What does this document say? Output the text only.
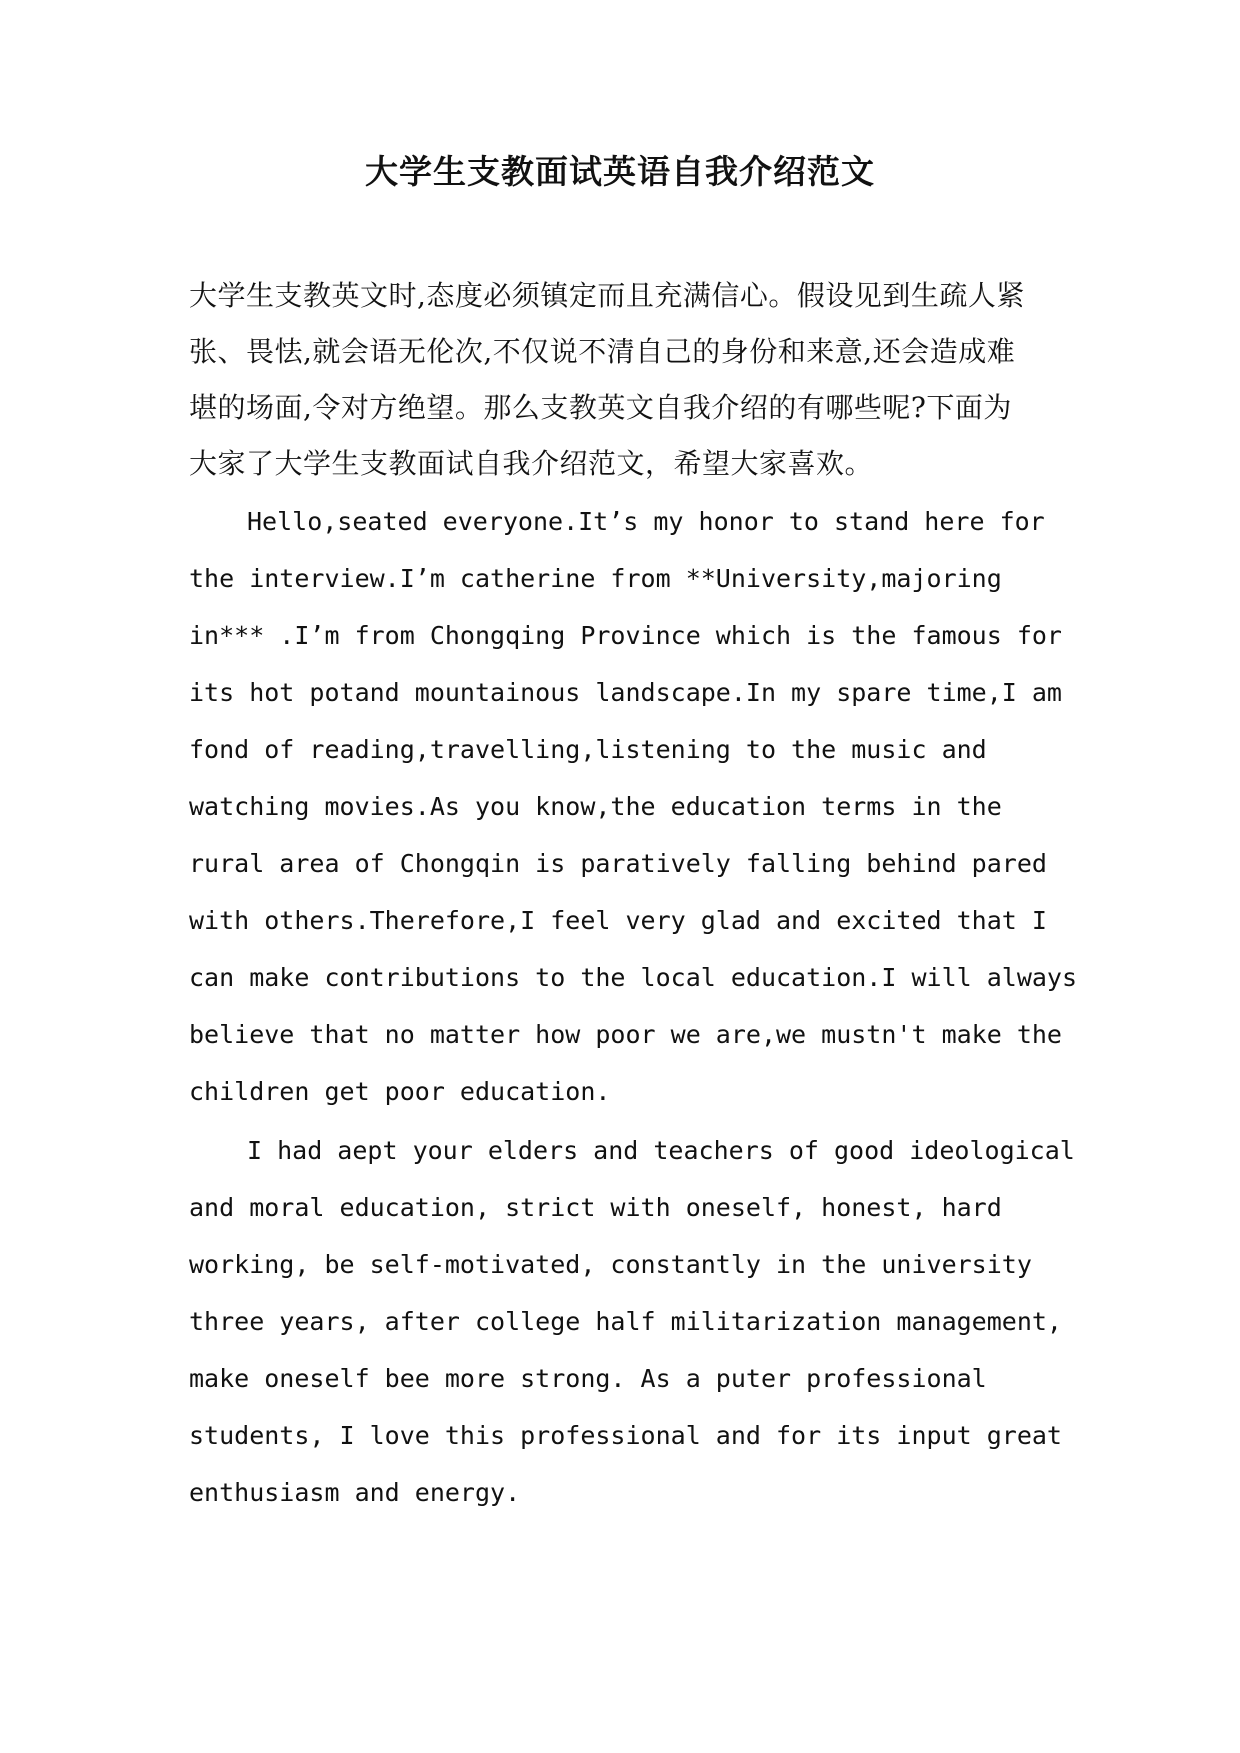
大学生支教面试英语自我介绍范文
大学生支教英文时,态度必须镇定而且充满信心。假设见到生疏人紧
张、畏怯,就会语无伦次,不仅说不清自己的身份和来意,还会造成难
堪的场面,令对方绝望。那么支教英文自我介绍的有哪些呢?下面为
大家了大学生支教面试自我介绍范文，希望大家喜欢。
Hello,seated everyone.It’s my honor to stand here for
the interview.I’m catherine from **University,majoring
in*** .I’m from Chongqing Province which is the famous for
its hot potand mountainous landscape.In my spare time,I am
fond of reading,travelling,listening to the music and
watching movies.As you know,the education terms in the
rural area of Chongqin is paratively falling behind pared
with others.Therefore,I feel very glad and excited that I
can make contributions to the local education.I will always
believe that no matter how poor we are,we mustn't make the
children get poor education.
I had aept your elders and teachers of good ideological
and moral education, strict with oneself, honest, hard
working, be self-motivated, constantly in the university
three years, after college half militarization management,
make oneself bee more strong. As a puter professional
students, I love this professional and for its input great
enthusiasm and energy.
